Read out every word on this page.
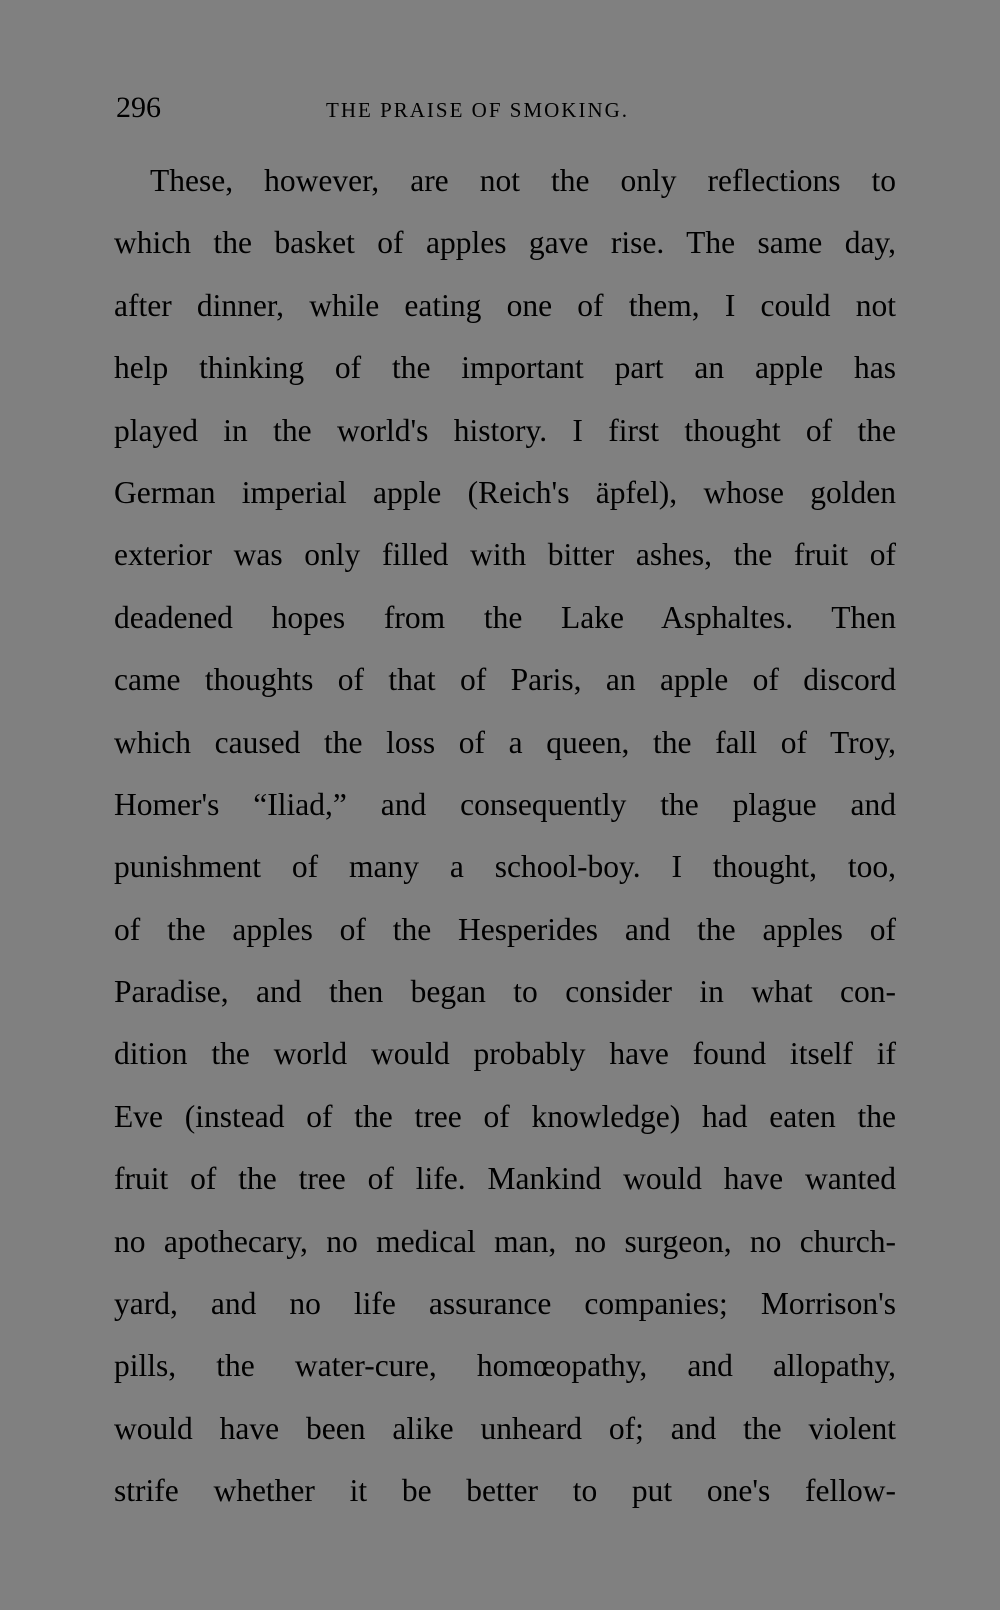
296	THE PRAISE OF SMOKING.
These, however, are not the only reflections to
which the basket of apples gave rise. The same day,
after dinner, while eating one of them, I could not
help thinking of the important part an apple has
played in the world's history. I first thought of the
German imperial apple (Reich's äpfel), whose golden
exterior was only filled with bitter ashes, the fruit of
deadened hopes from the Lake Asphaltes. Then
came thoughts of that of Paris, an apple of discord
which caused the loss of a queen, the fall of Troy,
Homer's “Iliad,” and consequently the plague and
punishment of many a school-boy. I thought, too,
of the apples of the Hesperides and the apples of
Paradise, and then began to consider in what con-
dition the world would probably have found itself if
Eve (instead of the tree of knowledge) had eaten the
fruit of the tree of life. Mankind would have wanted
no apothecary, no medical man, no surgeon, no church-
yard, and no life assurance companies; Morrison's
pills, the water-cure, homœopathy, and allopathy,
would have been alike unheard of; and the violent
strife whether it be better to put one's fellow-
